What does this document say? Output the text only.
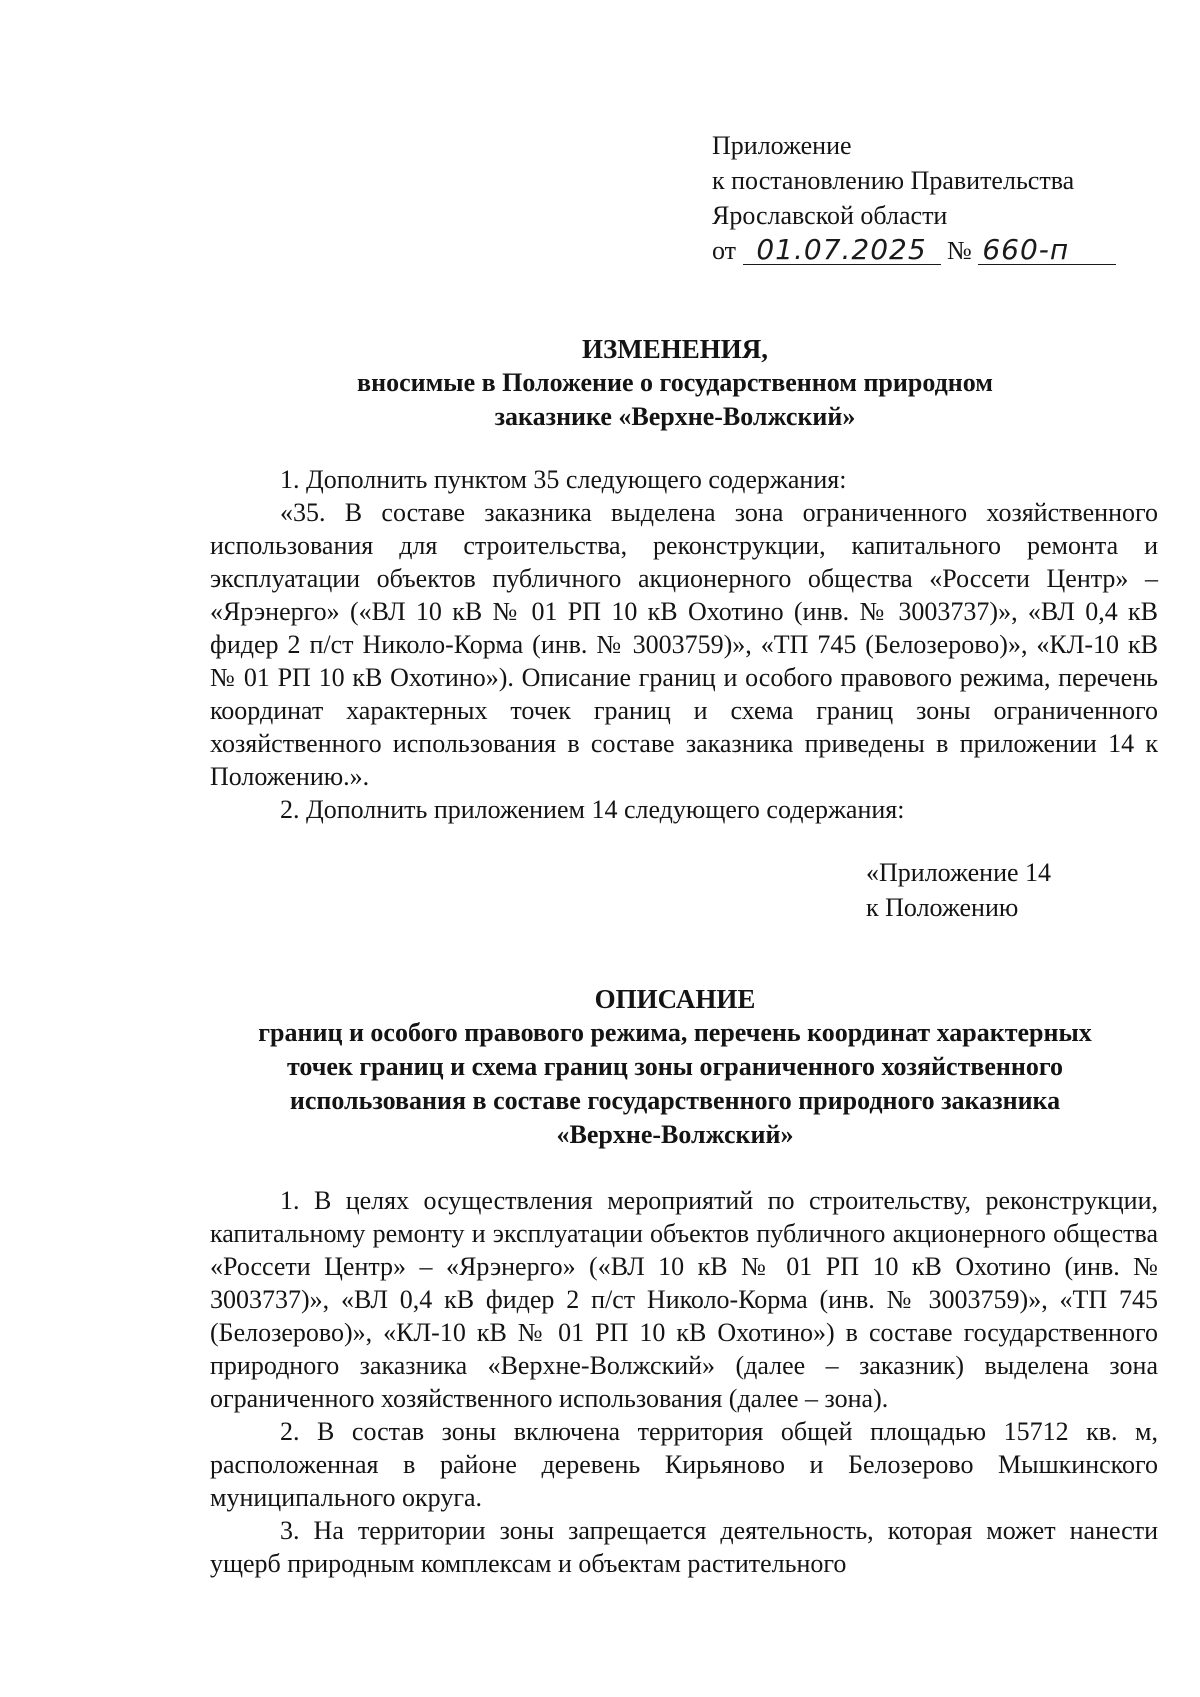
Приложение
к постановлению Правительства
Ярославской области
от 01.07.2025 № 660-п
ИЗМЕНЕНИЯ,
вносимые в Положение о государственном природном
заказнике «Верхне-Волжский»

1. Дополнить пунктом 35 следующего содержания:

«35. В составе заказника выделена зона ограниченного хозяйственного использования для строительства, реконструкции, капитального ремонта и эксплуатации объектов публичного акционерного общества «Россети Центр» – «Ярэнерго» («ВЛ 10 кВ № 01 РП 10 кВ Охотино (инв. № 3003737)», «ВЛ 0,4 кВ фидер 2 п/ст Николо-Корма (инв. № 3003759)», «ТП 745 (Белозерово)», «КЛ-10 кВ № 01 РП 10 кВ Охотино»). Описание границ и особого правового режима, перечень координат характерных точек границ и схема границ зоны ограниченного хозяйственного использования в составе заказника приведены в приложении 14 к Положению.».

2. Дополнить приложением 14 следующего содержания:

«Приложение 14
к Положению
ОПИСАНИЕ
границ и особого правового режима, перечень координат характерных
точек границ и схема границ зоны ограниченного хозяйственного
использования в составе государственного природного заказника
«Верхне-Волжский»

1. В целях осуществления мероприятий по строительству, реконструкции, капитальному ремонту и эксплуатации объектов публичного акционерного общества «Россети Центр» – «Ярэнерго» («ВЛ 10 кВ № 01 РП 10 кВ Охотино (инв. № 3003737)», «ВЛ 0,4 кВ фидер 2 п/ст Николо-Корма (инв. № 3003759)», «ТП 745 (Белозерово)», «КЛ-10 кВ № 01 РП 10 кВ Охотино») в составе государственного природного заказника «Верхне-Волжский» (далее – заказник) выделена зона ограниченного хозяйственного использования (далее – зона).

2. В состав зоны включена территория общей площадью 15712 кв. м, расположенная в районе деревень Кирьяново и Белозерово Мышкинского муниципального округа.

3. На территории зоны запрещается деятельность, которая может нанести ущерб природным комплексам и объектам растительного
